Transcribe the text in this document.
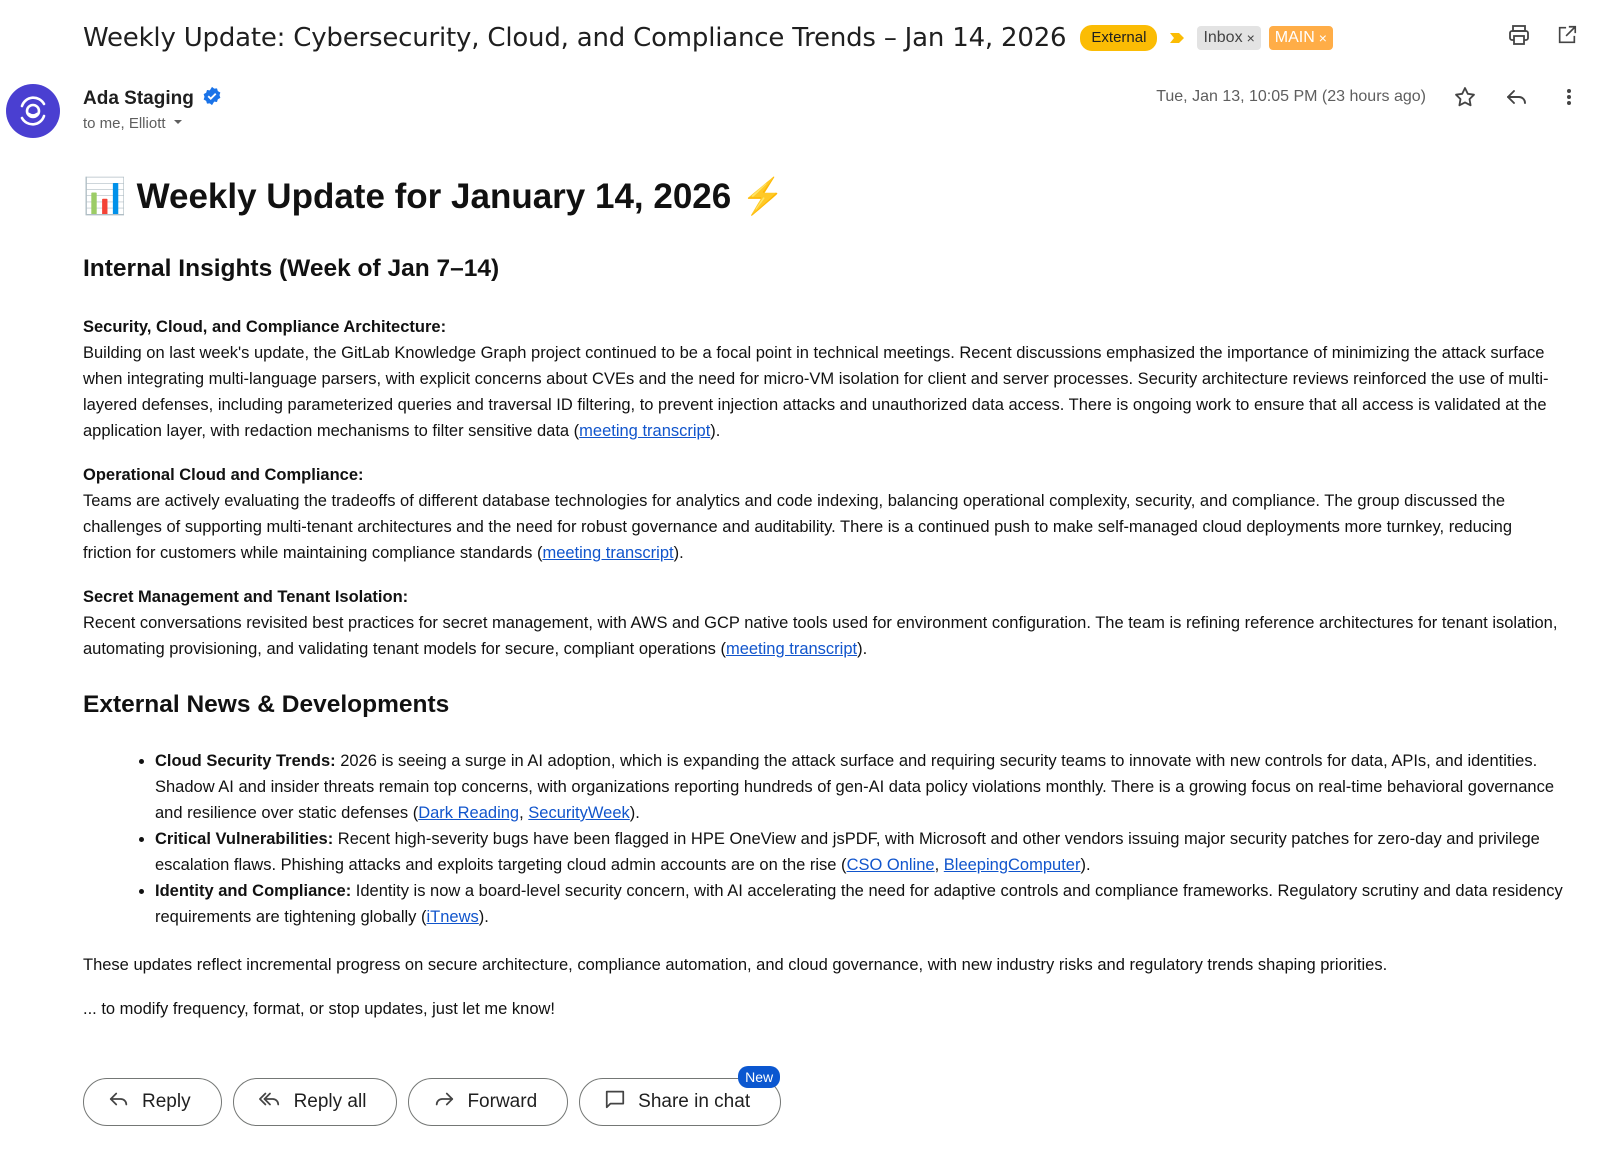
Weekly Update: Cybersecurity, Cloud, and Compliance Trends – Jan 14, 2026	External	Inbox × MAIN ×
Ada Staging
to me, Elliott
Tue, Jan 13, 10:05 PM (23 hours ago)
📊 Weekly Update for January 14, 2026 ⚡
Internal Insights (Week of Jan 7–14)

Security, Cloud, and Compliance Architecture:
Building on last week's update, the GitLab Knowledge Graph project continued to be a focal point in technical meetings. Recent discussions emphasized the importance of minimizing the attack surface when integrating multi-language parsers, with explicit concerns about CVEs and the need for micro-VM isolation for client and server processes. Security architecture reviews reinforced the use of multi-layered defenses, including parameterized queries and traversal ID filtering, to prevent injection attacks and unauthorized data access. There is ongoing work to ensure that all access is validated at the application layer, with redaction mechanisms to filter sensitive data (meeting transcript).

Operational Cloud and Compliance:
Teams are actively evaluating the tradeoffs of different database technologies for analytics and code indexing, balancing operational complexity, security, and compliance. The group discussed the challenges of supporting multi-tenant architectures and the need for robust governance and auditability. There is a continued push to make self-managed cloud deployments more turnkey, reducing friction for customers while maintaining compliance standards (meeting transcript).

Secret Management and Tenant Isolation:
Recent conversations revisited best practices for secret management, with AWS and GCP native tools used for environment configuration. The team is refining reference architectures for tenant isolation, automating provisioning, and validating tenant models for secure, compliant operations (meeting transcript).

External News & Developments
• Cloud Security Trends: 2026 is seeing a surge in AI adoption, which is expanding the attack surface and requiring security teams to innovate with new controls for data, APIs, and identities. Shadow AI and insider threats remain top concerns, with organizations reporting hundreds of gen-AI data policy violations monthly. There is a growing focus on real-time behavioral governance and resilience over static defenses (Dark Reading, SecurityWeek).
• Critical Vulnerabilities: Recent high-severity bugs have been flagged in HPE OneView and jsPDF, with Microsoft and other vendors issuing major security patches for zero-day and privilege escalation flaws. Phishing attacks and exploits targeting cloud admin accounts are on the rise (CSO Online, BleepingComputer).
• Identity and Compliance: Identity is now a board-level security concern, with AI accelerating the need for adaptive controls and compliance frameworks. Regulatory scrutiny and data residency requirements are tightening globally (iTnews).

These updates reflect incremental progress on secure architecture, compliance automation, and cloud governance, with new industry risks and regulatory trends shaping priorities.

... to modify frequency, format, or stop updates, just let me know!

Reply	Reply all	Forward	Share in chat
New
